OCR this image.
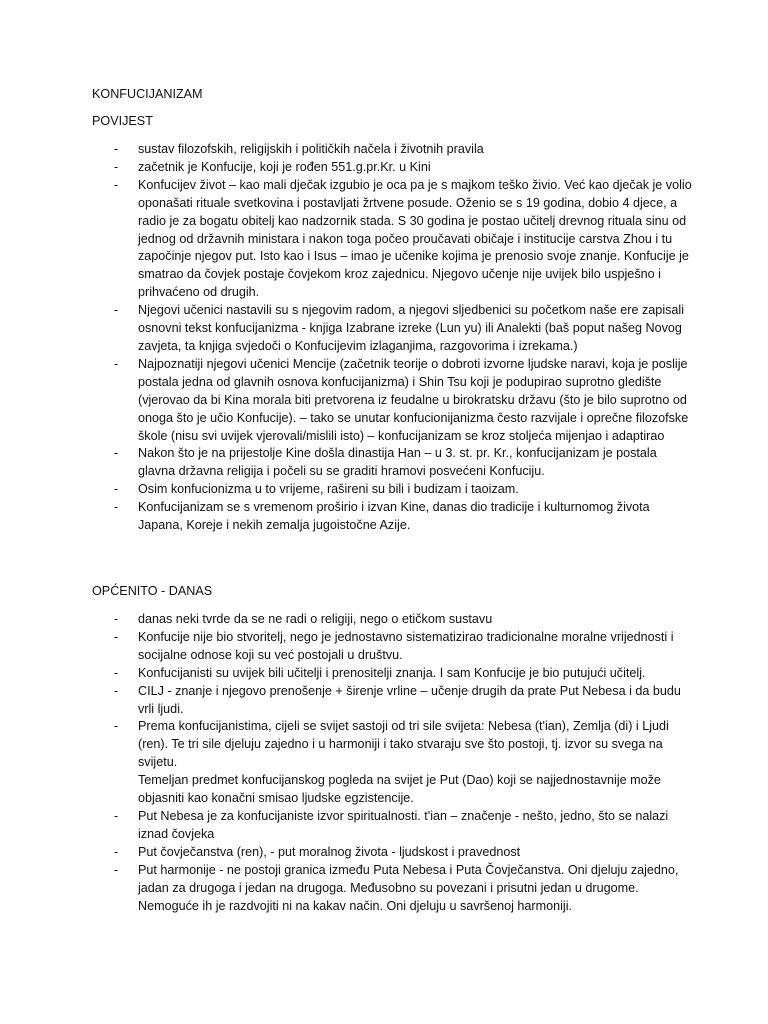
KONFUCIJANIZAM
POVIJEST
- sustav filozofskih, religijskih i političkih načela i životnih pravila
- začetnik je Konfucije, koji je rođen 551.g.pr.Kr. u Kini
- Konfucijev život – kao mali dječak izgubio je oca pa je s majkom teško živio. Već kao dječak je volio oponašati rituale svetkovina i postavljati žrtvene posude. Oženio se s 19 godina, dobio 4 djece, a radio je za bogatu obitelj kao nadzornik stada. S 30 godina je postao učitelj drevnog rituala sinu od jednog od državnih ministara i nakon toga počeo proučavati običaje i institucije carstva Zhou i tu započinje njegov put. Isto kao i Isus – imao je učenike kojima je prenosio svoje znanje. Konfucije je smatrao da čovjek postaje čovjekom kroz zajednicu. Njegovo učenje nije uvijek bilo uspješno i prihvaćeno od drugih.
- Njegovi učenici nastavili su s njegovim radom, a njegovi sljedbenici su početkom naše ere zapisali osnovni tekst konfucijanizma - knjiga Izabrane izreke (Lun yu) ili Analekti (baš poput našeg Novog zavjeta, ta knjiga svjedoči o Konfucijevim izlaganjima, razgovorima i izrekama.)
- Najpoznatiji njegovi učenici Mencije (začetnik teorije o dobroti izvorne ljudske naravi, koja je poslije postala jedna od glavnih osnova konfucijanizma) i Shin Tsu koji je podupirao suprotno gledište (vjerovao da bi Kina morala biti pretvorena iz feudalne u birokratsku državu (što je bilo suprotno od onoga što je učio Konfucije). – tako se unutar konfucionijanizma često razvijale i oprečne filozofske škole (nisu svi uvijek vjerovali/mislili isto) – konfucijanizam se kroz stoljeća mijenjao i adaptirao
- Nakon što je na prijestolje Kine došla dinastija Han – u 3. st. pr. Kr., konfucijanizam je postala glavna državna religija i počeli su se graditi hramovi posvećeni Konfuciju.
- Osim konfucionizma u to vrijeme, rašireni su bili i budizam i taoizam.
- Konfucijanizam se s vremenom proširio i izvan Kine, danas dio tradicije i kulturnomog života Japana, Koreje i nekih zemalja jugoistočne Azije.
OPĆENITO - DANAS
- danas neki tvrde da se ne radi o religiji, nego o etičkom sustavu
- Konfucije nije bio stvoritelj, nego je jednostavno sistematizirao tradicionalne moralne vrijednosti i socijalne odnose koji su već postojali u društvu.
- Konfucijanisti su uvijek bili učitelji i prenositelji znanja. I sam Konfucije je bio putujući učitelj.
- CILJ - znanje i njegovo prenošenje + širenje vrline – učenje drugih da prate Put Nebesa i da budu vrli ljudi.
- Prema konfucijanistima, cijeli se svijet sastoji od tri sile svijeta: Nebesa (t'ian), Zemlja (di) i Ljudi (ren). Te tri sile djeluju zajedno i u harmoniji i tako stvaraju sve što postoji, tj. izvor su svega na svijetu.
Temeljan predmet konfucijanskog pogleda na svijet je Put (Dao) koji se najjednostavnije može objasniti kao konačni smisao ljudske egzistencije.
- Put Nebesa je za konfucijaniste izvor spiritualnosti. t'ian – značenje - nešto, jedno, što se nalazi iznad čovjeka
- Put čovječanstva (ren), - put moralnog života - ljudskost i pravednost
- Put harmonije - ne postoji granica između Puta Nebesa i Puta Čovječanstva. Oni djeluju zajedno, jadan za drugoga i jedan na drugoga. Međusobno su povezani i prisutni jedan u drugome. Nemoguće ih je razdvojiti ni na kakav način. Oni djeluju u savršenoj harmoniji.
